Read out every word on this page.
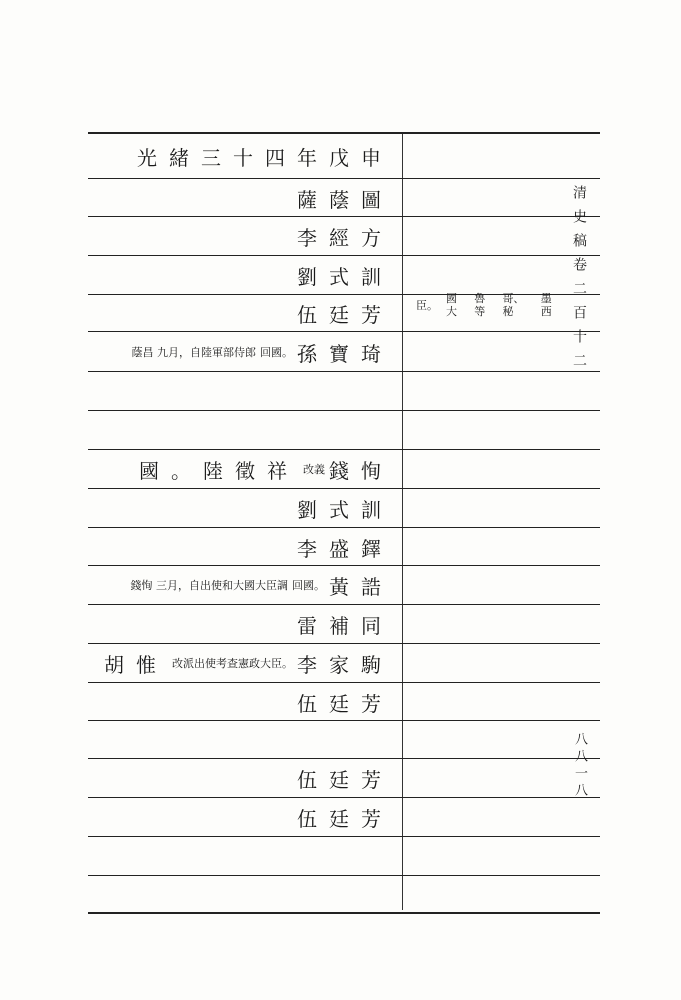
光緒三十四年戊申
薩蔭圖
李經方
劉式訓
伍廷芳
蔭昌 九月，自陸軍部侍郎 回國。 孫寶琦
國。陸徵祥 改義 錢恂
劉式訓
李盛鐸
錢恂 三月，自出使和大國大臣調 回國。 黃誥
雷補同
胡惟 改派出使考查憲政大臣。 李家駒
伍廷芳
伍廷芳
伍廷芳
臣。 國大
魯等
哥、秘
墨西	清史稿卷二百十二
八八一八
